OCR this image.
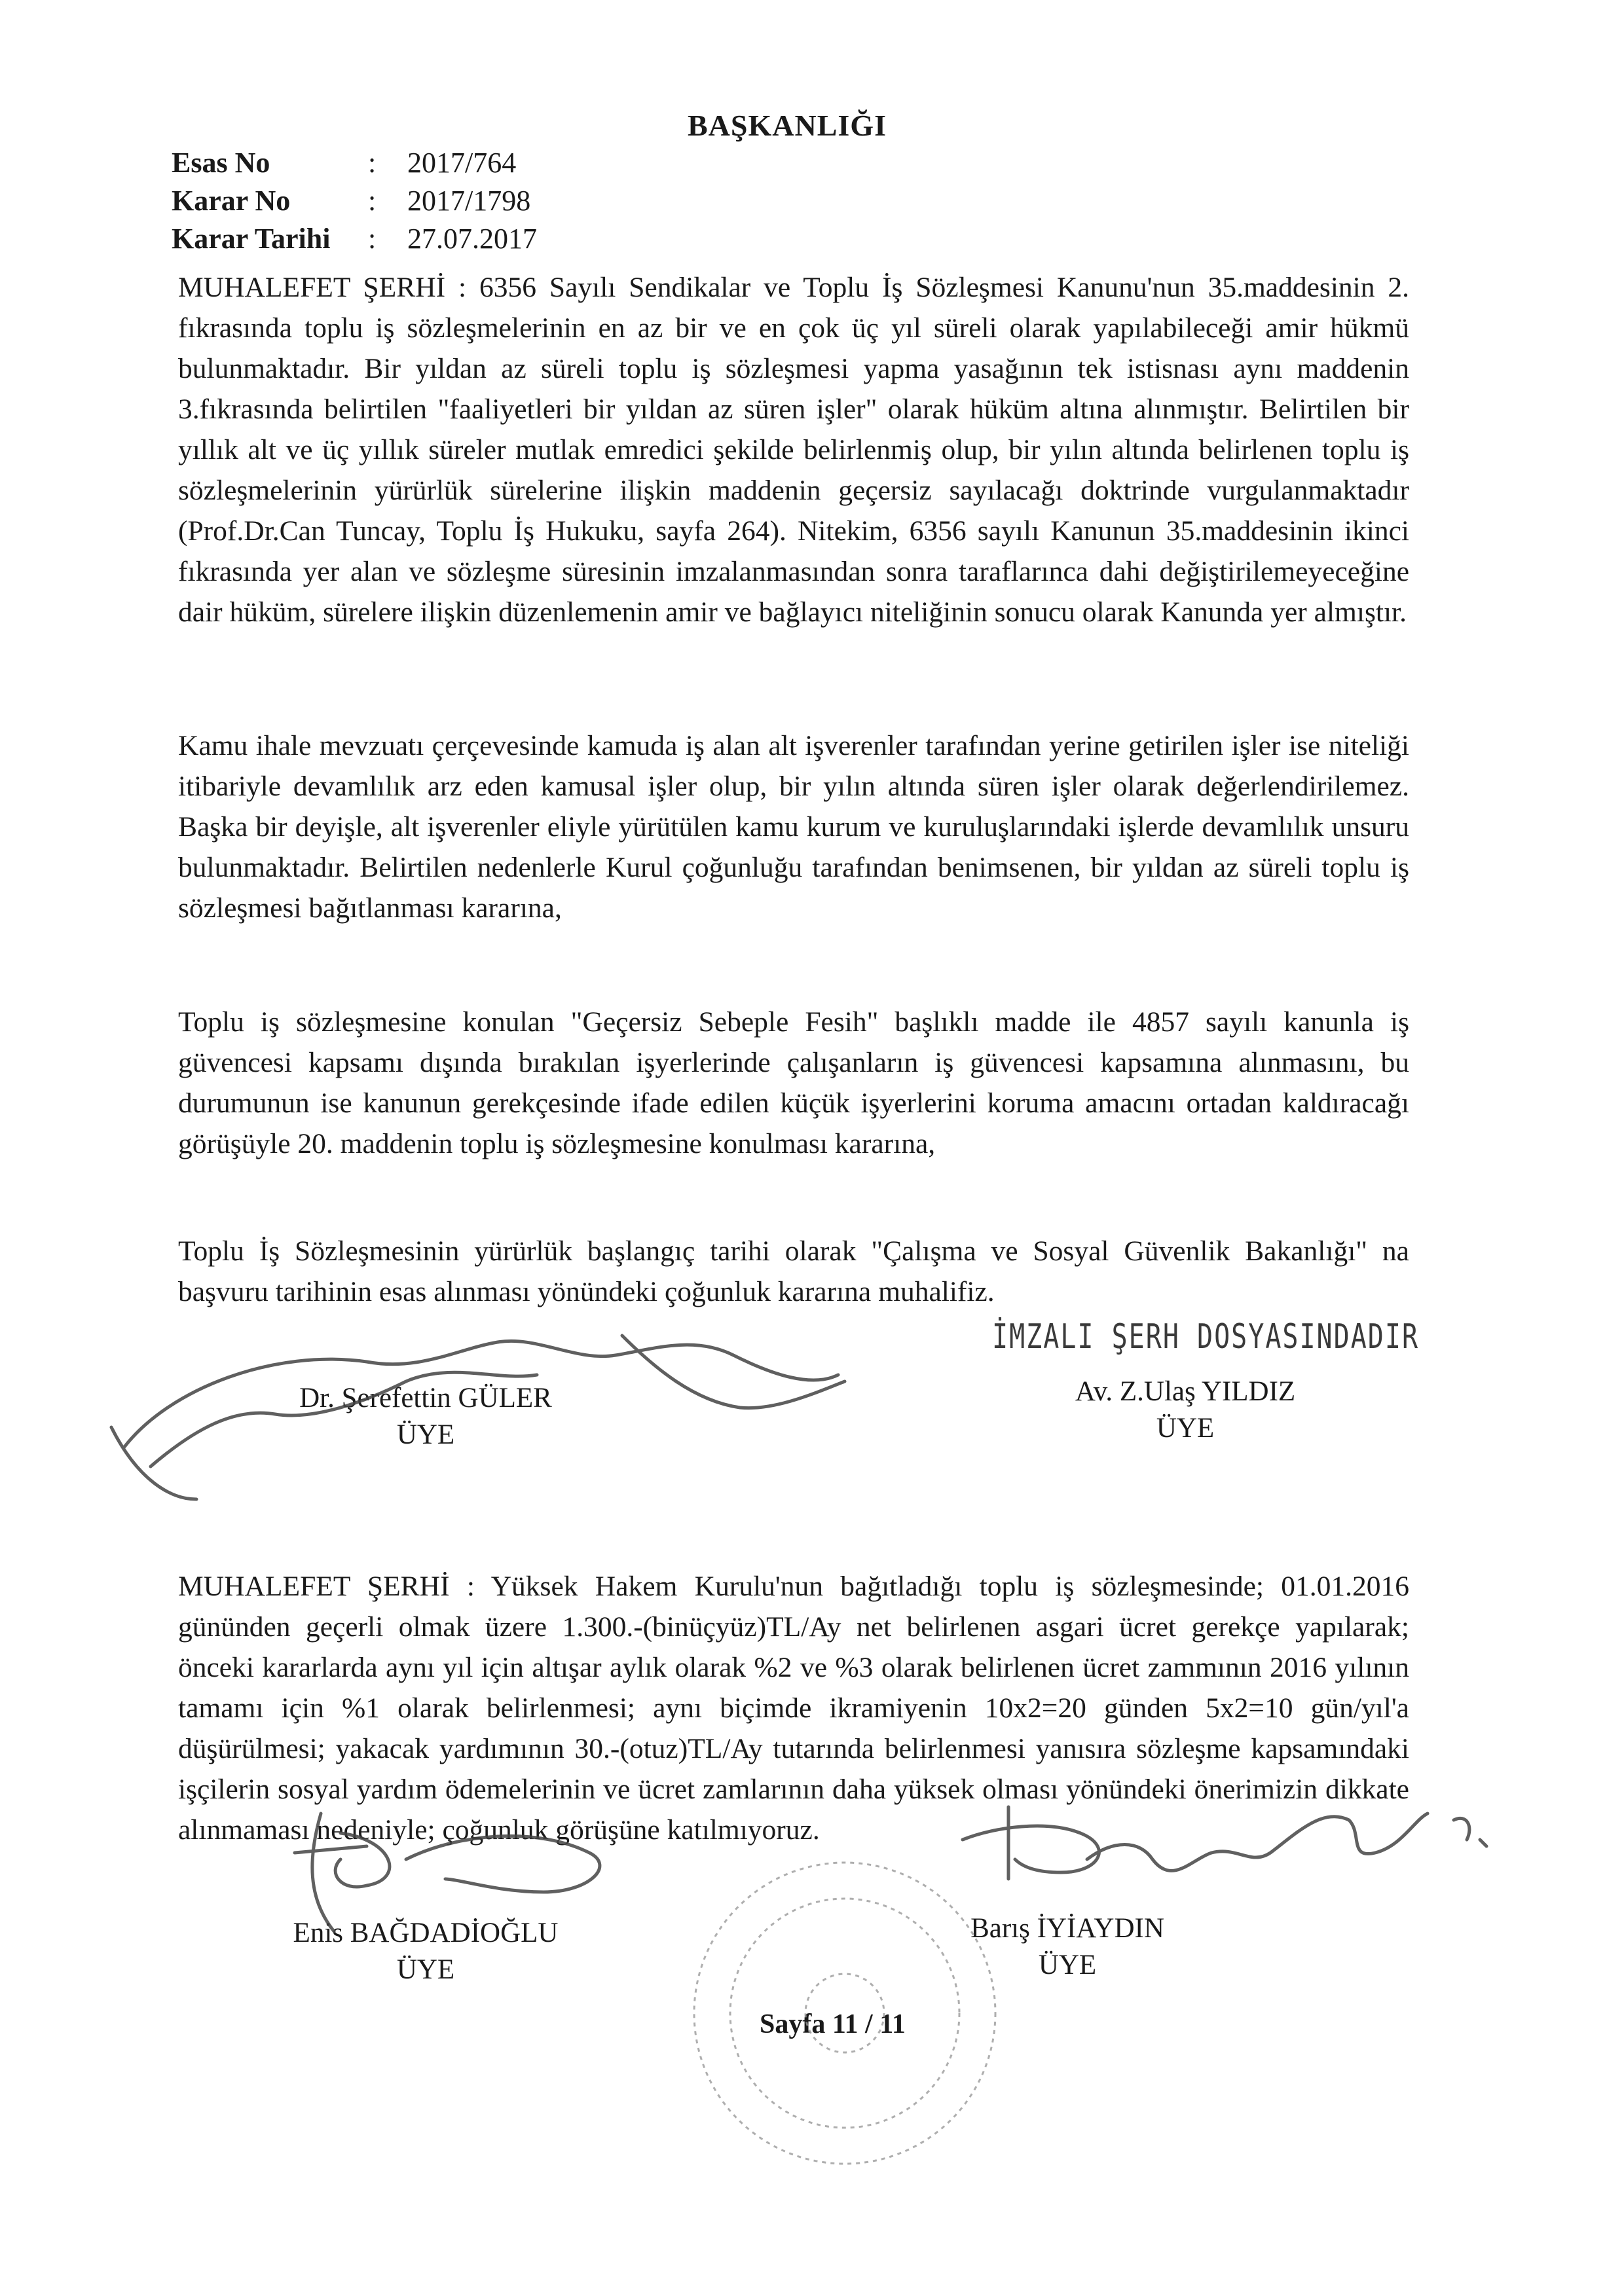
BAŞKANLIĞI
Esas No	:	2017/764
Karar No	:	2017/1798
Karar Tarihi	:	27.07.2017

MUHALEFET ŞERHİ : 6356 Sayılı Sendikalar ve Toplu İş Sözleşmesi Kanunu'nun 35.maddesinin 2. fıkrasında toplu iş sözleşmelerinin en az bir ve en çok üç yıl süreli olarak yapılabileceği amir hükmü bulunmaktadır. Bir yıldan az süreli toplu iş sözleşmesi yapma yasağının tek istisnası aynı maddenin 3.fıkrasında belirtilen "faaliyetleri bir yıldan az süren işler" olarak hüküm altına alınmıştır. Belirtilen bir yıllık alt ve üç yıllık süreler mutlak emredici şekilde belirlenmiş olup, bir yılın altında belirlenen toplu iş sözleşmelerinin yürürlük sürelerine ilişkin maddenin geçersiz sayılacağı doktrinde vurgulanmaktadır (Prof.Dr.Can Tuncay, Toplu İş Hukuku, sayfa 264). Nitekim, 6356 sayılı Kanunun 35.maddesinin ikinci fıkrasında yer alan ve sözleşme süresinin imzalanmasından sonra taraflarınca dahi değiştirilemeyeceğine dair hüküm, sürelere ilişkin düzenlemenin amir ve bağlayıcı niteliğinin sonucu olarak Kanunda yer almıştır.

Kamu ihale mevzuatı çerçevesinde kamuda iş alan alt işverenler tarafından yerine getirilen işler ise niteliği itibariyle devamlılık arz eden kamusal işler olup, bir yılın altında süren işler olarak değerlendirilemez. Başka bir deyişle, alt işverenler eliyle yürütülen kamu kurum ve kuruluşlarındaki işlerde devamlılık unsuru bulunmaktadır. Belirtilen nedenlerle Kurul çoğunluğu tarafından benimsenen, bir yıldan az süreli toplu iş sözleşmesi bağıtlanması kararına,

Toplu iş sözleşmesine konulan "Geçersiz Sebeple Fesih" başlıklı madde ile 4857 sayılı kanunla iş güvencesi kapsamı dışında bırakılan işyerlerinde çalışanların iş güvencesi kapsamına alınmasını, bu durumunun ise kanunun gerekçesinde ifade edilen küçük işyerlerini koruma amacını ortadan kaldıracağı görüşüyle 20. maddenin toplu iş sözleşmesine konulması kararına,

Toplu İş Sözleşmesinin yürürlük başlangıç tarihi olarak "Çalışma ve Sosyal Güvenlik Bakanlığı" na başvuru tarihinin esas alınması yönündeki çoğunluk kararına muhalifiz.

İMZALI ŞERH DOSYASINDADIR
Dr. Şerefettin GÜLER
ÜYE
Av. Z.Ulaş YILDIZ
ÜYE

MUHALEFET ŞERHİ : Yüksek Hakem Kurulu'nun bağıtladığı toplu iş sözleşmesinde; 01.01.2016 gününden geçerli olmak üzere 1.300.-(binüçyüz)TL/Ay net belirlenen asgari ücret gerekçe yapılarak; önceki kararlarda aynı yıl için altışar aylık olarak %2 ve %3 olarak belirlenen ücret zammının 2016 yılının tamamı için %1 olarak belirlenmesi; aynı biçimde ikramiyenin 10x2=20 günden 5x2=10 gün/yıl'a düşürülmesi; yakacak yardımının 30.-(otuz)TL/Ay tutarında belirlenmesi yanısıra sözleşme kapsamındaki işçilerin sosyal yardım ödemelerinin ve ücret zamlarının daha yüksek olması yönündeki önerimizin dikkate alınmaması nedeniyle; çoğunluk görüşüne katılmıyoruz.

Enis BAĞDADİOĞLU
ÜYE
Barış İYİAYDIN
ÜYE
Sayfa 11 / 11
